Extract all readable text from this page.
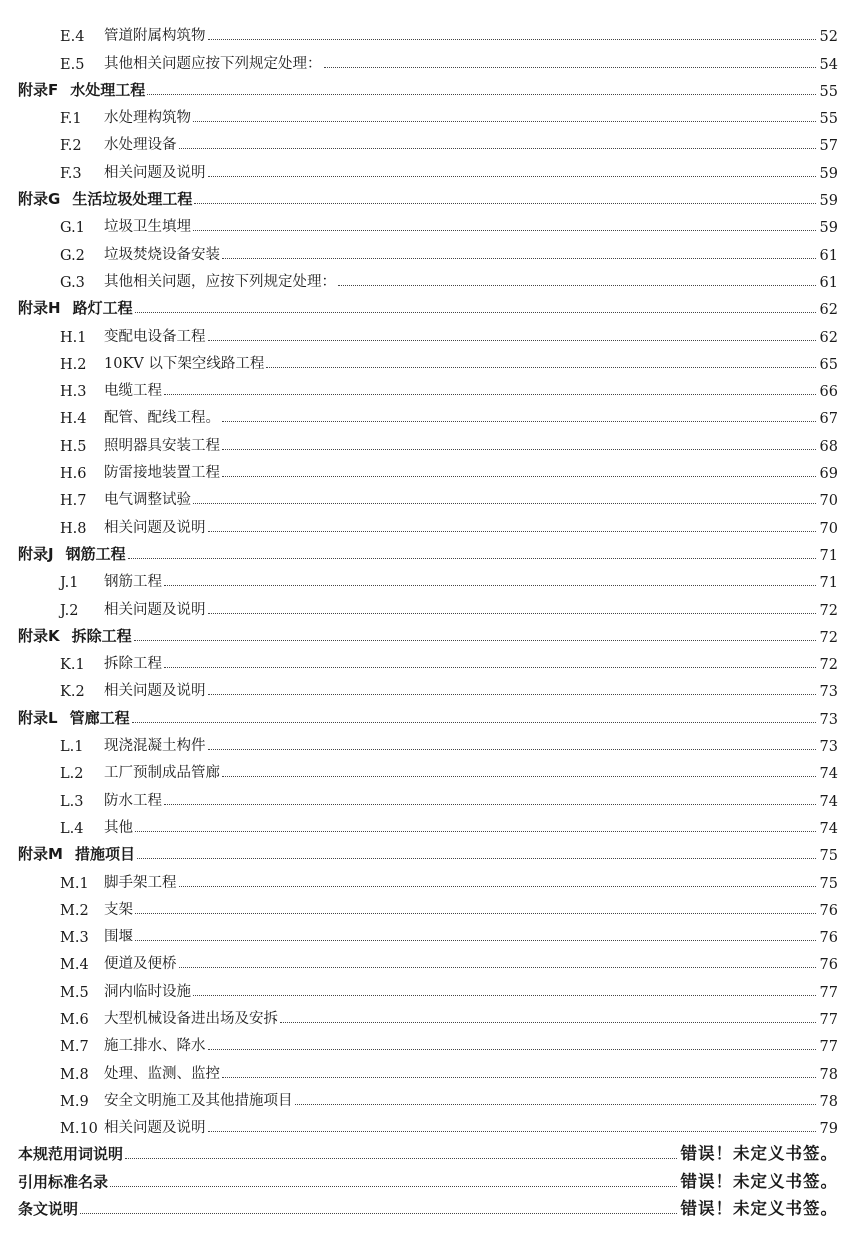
E.4	管道附属构筑物	52
E.5	其他相关问题应按下列规定处理：	54
附录F 水处理工程	55
F.1	水处理构筑物	55
F.2	水处理设备	57
F.3	相关问题及说明	59
附录G 生活垃圾处理工程	59
G.1	垃圾卫生填埋	59
G.2	垃圾焚烧设备安装	61
G.3	其他相关问题，应按下列规定处理：	61
附录H 路灯工程	62
H.1	变配电设备工程	62
H.2	10KV 以下架空线路工程	65
H.3	电缆工程	66
H.4	配管、配线工程。	67
H.5	照明器具安装工程	68
H.6	防雷接地装置工程	69
H.7	电气调整试验	70
H.8	相关问题及说明	70
附录J 钢筋工程	71
J.1	钢筋工程	71
J.2	相关问题及说明	72
附录K 拆除工程	72
K.1	拆除工程	72
K.2	相关问题及说明	73
附录L 管廊工程	73
L.1	现浇混凝土构件	73
L.2	工厂预制成品管廊	74
L.3	防水工程	74
L.4	其他	74
附录M 措施项目	75
M.1	脚手架工程	75
M.2	支架	76
M.3	围堰	76
M.4	便道及便桥	76
M.5	洞内临时设施	77
M.6	大型机械设备进出场及安拆	77
M.7	施工排水、降水	77
M.8	处理、监测、监控	78
M.9	安全文明施工及其他措施项目	78
M.10 相关问题及说明	79
本规范用词说明	错误！未定义书签。
引用标准名录	错误！未定义书签。
条文说明	错误！未定义书签。
